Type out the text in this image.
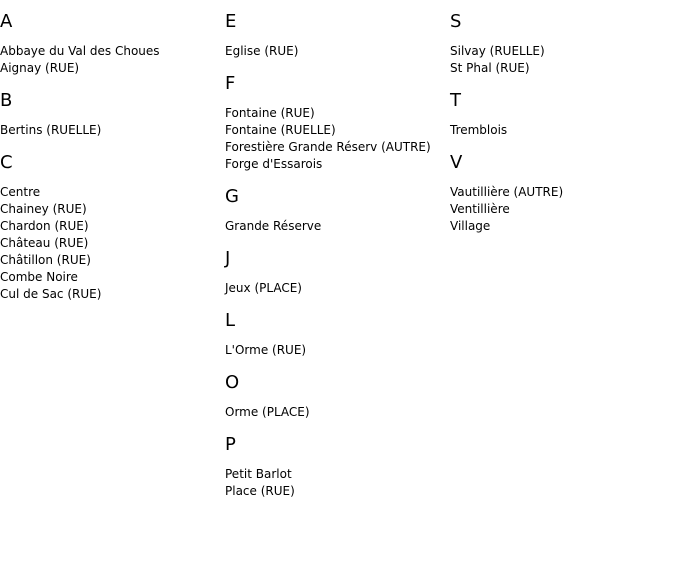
A
Abbaye du Val des Choues
Aignay (RUE)
B
Bertins (RUELLE)
C
Centre
Chainey (RUE)
Chardon (RUE)
Château (RUE)
Châtillon (RUE)
Combe Noire
Cul de Sac (RUE)
E
Eglise (RUE)
F
Fontaine (RUE)
Fontaine (RUELLE)
Forestière Grande Réserv (AUTRE)
Forge d'Essarois
G
Grande Réserve
J
Jeux (PLACE)
L
L'Orme (RUE)
O
Orme (PLACE)
P
Petit Barlot
Place (RUE)
S
Silvay (RUELLE)
St Phal (RUE)
T
Tremblois
V
Vautillière (AUTRE)
Ventillière
Village
